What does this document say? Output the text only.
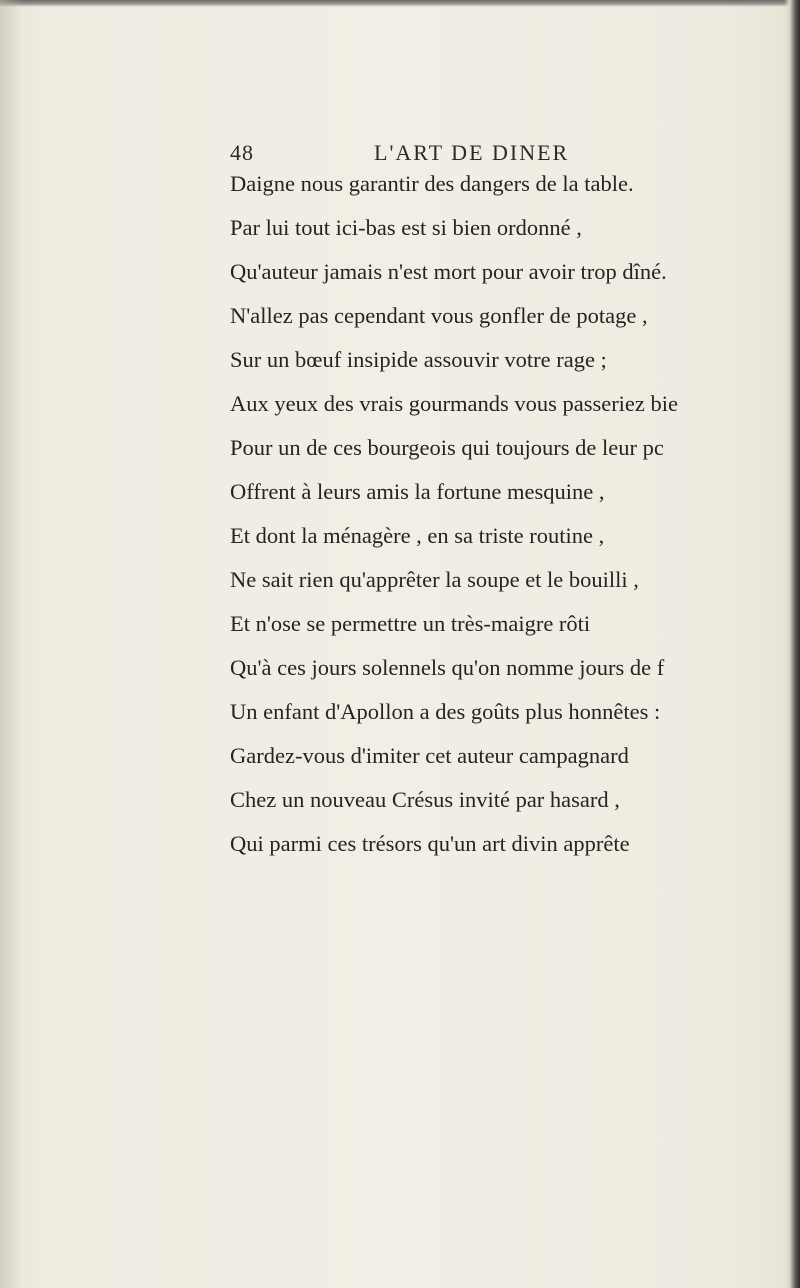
48	L'ART DE DINER

Daigne nous garantir des dangers de la table.

Par lui tout ici-bas est si bien ordonné ,

Qu'auteur jamais n'est mort pour avoir trop dîné.

N'allez pas cependant vous gonfler de potage ,

Sur un bœuf insipide assouvir votre rage ;

Aux yeux des vrais gourmands vous passeriez bie

Pour un de ces bourgeois qui toujours de leur pc

Offrent à leurs amis la fortune mesquine ,

Et dont la ménagère , en sa triste routine ,

Ne sait rien qu'apprêter la soupe et le bouilli ,

Et n'ose se permettre un très-maigre rôti

Qu'à ces jours solennels qu'on nomme jours de f

Un enfant d'Apollon a des goûts plus honnêtes :

Gardez-vous d'imiter cet auteur campagnard

Chez un nouveau Crésus invité par hasard ,

Qui parmi ces trésors qu'un art divin apprête
